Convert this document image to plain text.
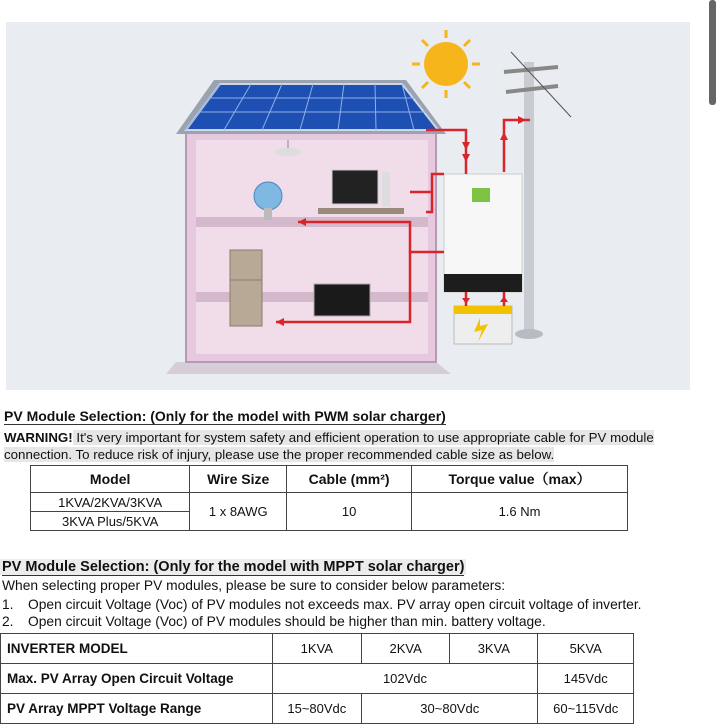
PV Module Selection: (Only for the model with PWM solar charger)
WARNING! It's very important for system safety and efficient operation to use appropriate cable for PV module connection. To reduce risk of injury, please use the proper recommended cable size as below.
Model	Wire Size	Cable (mm²)	Torque value（max）
1KVA/2KVA/3KVA	1 x 8AWG	10	1.6 Nm
3KVA Plus/5KVA			
PV Module Selection: (Only for the model with MPPT solar charger)
When selecting proper PV modules, please be sure to consider below parameters:
1. Open circuit Voltage (Voc) of PV modules not exceeds max. PV array open circuit voltage of inverter.
2. Open circuit Voltage (Voc) of PV modules should be higher than min. battery voltage.
INVERTER MODEL	1KVA	2KVA	3KVA	5KVA
Max. PV Array Open Circuit Voltage	102Vdc			145Vdc
PV Array MPPT Voltage Range	15~80Vdc	30~80Vdc		60~115Vdc
